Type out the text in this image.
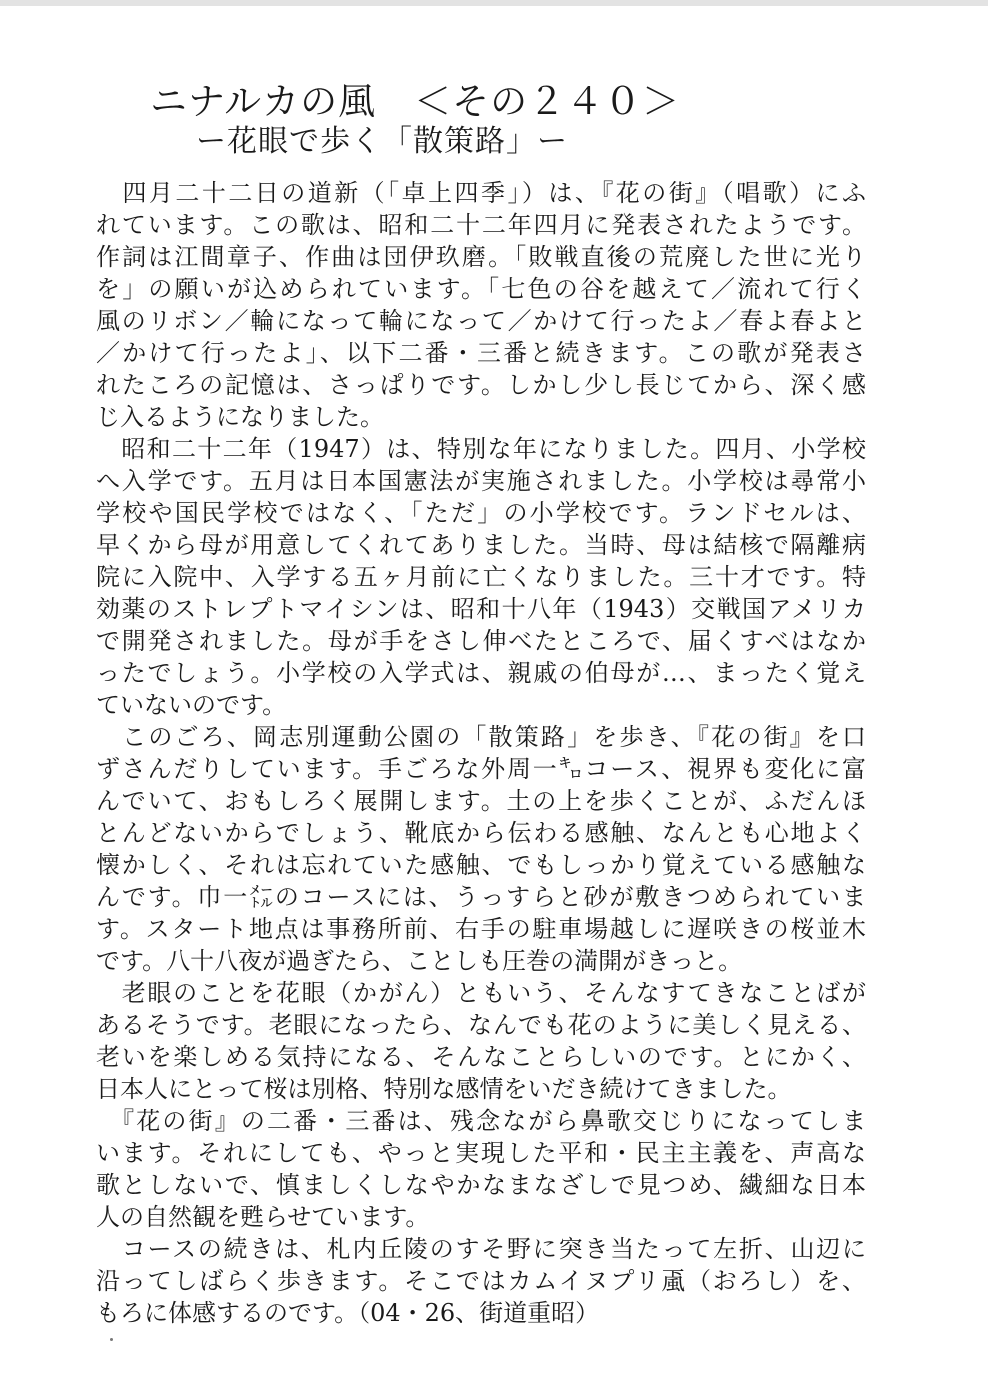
ニナルカの風　＜その２４０＞
ー花眼で歩く「散策路」ー
　四月二十二日の道新（「卓上四季」）は、『花の街』（唱歌）にふ
れています。この歌は、昭和二十二年四月に発表されたようです。
作詞は江間章子、作曲は団伊玖磨。「敗戦直後の荒廃した世に光り
を」の願いが込められています。「七色の谷を越えて／流れて行く
風のリボン／輪になって輪になって／かけて行ったよ／春よ春よと
／かけて行ったよ」、以下二番・三番と続きます。この歌が発表さ
れたころの記憶は、さっぱりです。しかし少し長じてから、深く感
じ入るようになりました。
　昭和二十二年（1947）は、特別な年になりました。四月、小学校
へ入学です。五月は日本国憲法が実施されました。小学校は尋常小
学校や国民学校ではなく、「ただ」の小学校です。ランドセルは、
早くから母が用意してくれてありました。当時、母は結核で隔離病
院に入院中、入学する五ヶ月前に亡くなりました。三十才です。特
効薬のストレプトマイシンは、昭和十八年（1943）交戦国アメリカ
で開発されました。母が手をさし伸べたところで、届くすべはなか
ったでしょう。小学校の入学式は、親戚の伯母が…、まったく覚え
ていないのです。
　このごろ、岡志別運動公園の「散策路」を歩き、『花の街』を口
ずさんだりしています。手ごろな外周一㌔コース、視界も変化に富
んでいて、おもしろく展開します。土の上を歩くことが、ふだんほ
とんどないからでしょう、靴底から伝わる感触、なんとも心地よく
懐かしく、それは忘れていた感触、でもしっかり覚えている感触な
んです。巾一㍍のコースには、うっすらと砂が敷きつめられていま
す。スタート地点は事務所前、右手の駐車場越しに遅咲きの桜並木
です。八十八夜が過ぎたら、ことしも圧巻の満開がきっと。
　老眼のことを花眼（かがん）ともいう、そんなすてきなことばが
あるそうです。老眼になったら、なんでも花のように美しく見える、
老いを楽しめる気持になる、そんなことらしいのです。とにかく、
日本人にとって桜は別格、特別な感情をいだき続けてきました。
　『花の街』の二番・三番は、残念ながら鼻歌交じりになってしま
います。それにしても、やっと実現した平和・民主主義を、声高な
歌としないで、慎ましくしなやかなまなざしで見つめ、繊細な日本
人の自然観を甦らせています。
　コースの続きは、札内丘陵のすそ野に突き当たって左折、山辺に
沿ってしばらく歩きます。そこではカムイヌプリ颪（おろし）を、
もろに体感するのです。（04・26、街道重昭）
